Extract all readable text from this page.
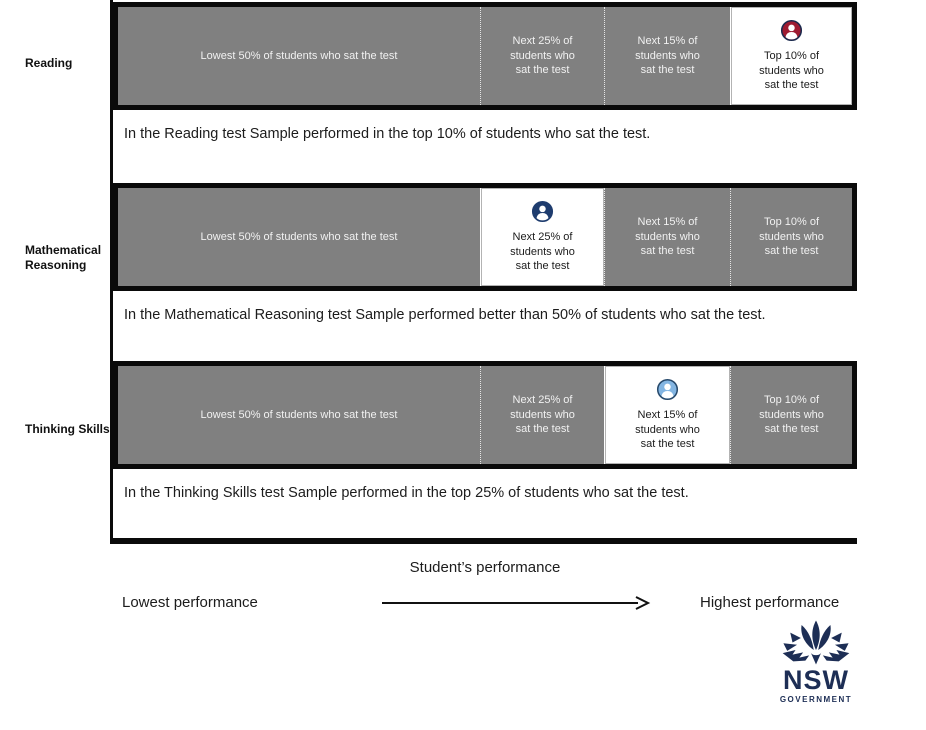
Reading
Lowest 50% of students who sat the test
Next 25% of students who sat the test
Next 15% of students who sat the test
Top 10% of students who sat the test

In the Reading test Sample performed in the top 10% of students who sat the test.

Mathematical Reasoning
Lowest 50% of students who sat the test	Next 25% of students who sat the test
Next 15% of students who sat the test
Top 10% of students who sat the test

In the Mathematical Reasoning test Sample performed better than 50% of students who sat the test.

Thinking Skills
Lowest 50% of students who sat the test
Next 25% of students who sat the test
Next 15% of students who sat the test
Top 10% of students who sat the test

In the Thinking Skills test Sample performed in the top 25% of students who sat the test.

Student’s performance
Lowest performance	Highest performance
NSW
GOVERNMENT
